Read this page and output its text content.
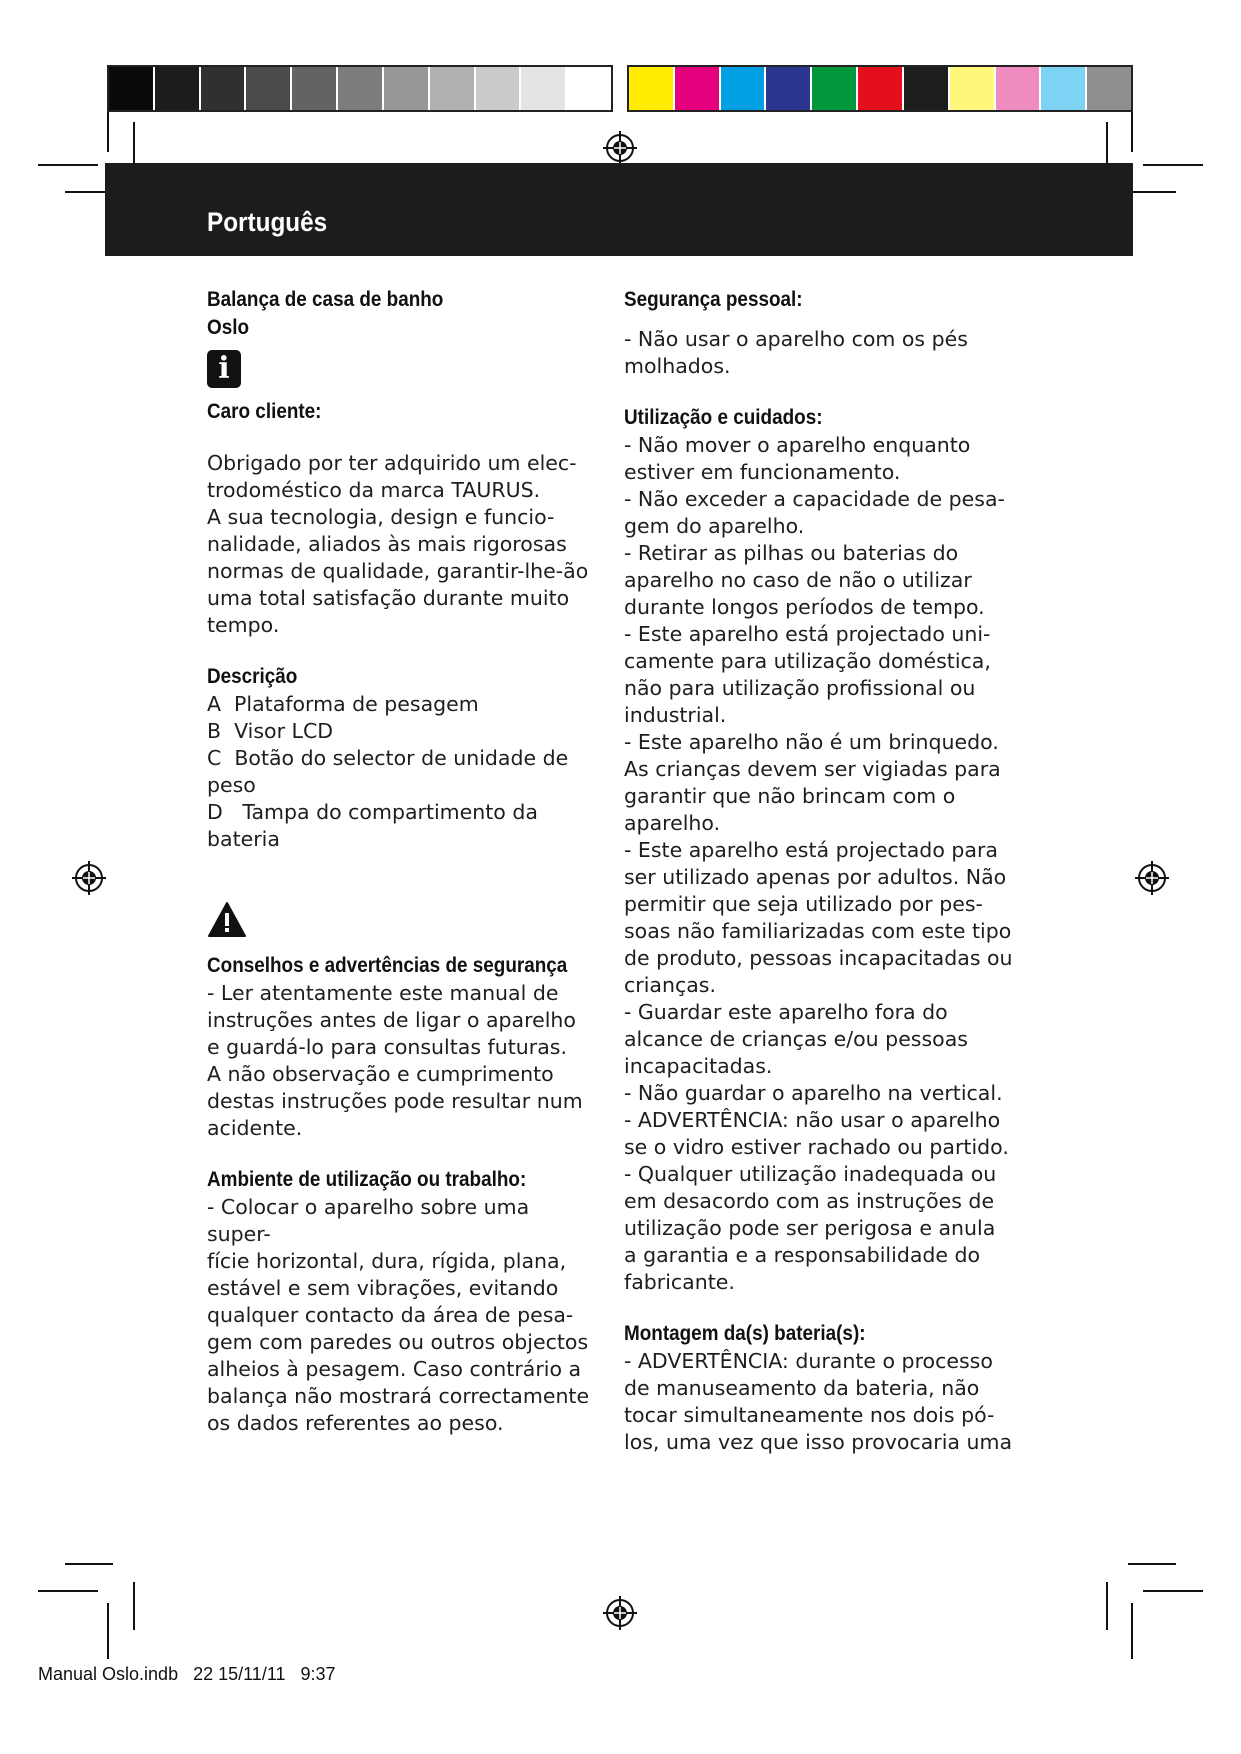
Português
Balança de casa de banho
Oslo
i
Caro cliente:
Obrigado por ter adquirido um elec-
trodoméstico da marca TAURUS.
A sua tecnologia, design e funcio-
nalidade, aliados às mais rigorosas
normas de qualidade, garantir-lhe-ão
uma total satisfação durante muito
tempo.
Descrição
A  Plataforma de pesagem
B  Visor LCD
C  Botão do selector de unidade de
peso
D   Tampa do compartimento da
bateria
Conselhos e advertências de segurança
- Ler atentamente este manual de
instruções antes de ligar o aparelho
e guardá-lo para consultas futuras.
A não observação e cumprimento
destas instruções pode resultar num
acidente.
Ambiente de utilização ou trabalho:
- Colocar o aparelho sobre uma super-
fície horizontal, dura, rígida, plana,
estável e sem vibrações, evitando
qualquer contacto da área de pesa-
gem com paredes ou outros objectos
alheios à pesagem. Caso contrário a
balança não mostrará correctamente
os dados referentes ao peso.
Segurança pessoal:
- Não usar o aparelho com os pés
molhados.
Utilização e cuidados:
- Não mover o aparelho enquanto
estiver em funcionamento.
- Não exceder a capacidade de pesa-
gem do aparelho.
- Retirar as pilhas ou baterias do
aparelho no caso de não o utilizar
durante longos períodos de tempo.
- Este aparelho está projectado uni-
camente para utilização doméstica,
não para utilização profissional ou
industrial.
- Este aparelho não é um brinquedo.
As crianças devem ser vigiadas para
garantir que não brincam com o
aparelho.
- Este aparelho está projectado para
ser utilizado apenas por adultos. Não
permitir que seja utilizado por pes-
soas não familiarizadas com este tipo
de produto, pessoas incapacitadas ou
crianças.
- Guardar este aparelho fora do
alcance de crianças e/ou pessoas
incapacitadas.
- Não guardar o aparelho na vertical.
- ADVERTÊNCIA: não usar o aparelho
se o vidro estiver rachado ou partido.
- Qualquer utilização inadequada ou
em desacordo com as instruções de
utilização pode ser perigosa e anula
a garantia e a responsabilidade do
fabricante.
Montagem da(s) bateria(s):
- ADVERTÊNCIA: durante o processo
de manuseamento da bateria, não
tocar simultaneamente nos dois pó-
los, uma vez que isso provocaria uma
Manual Oslo.indb   22 15/11/11   9:37
